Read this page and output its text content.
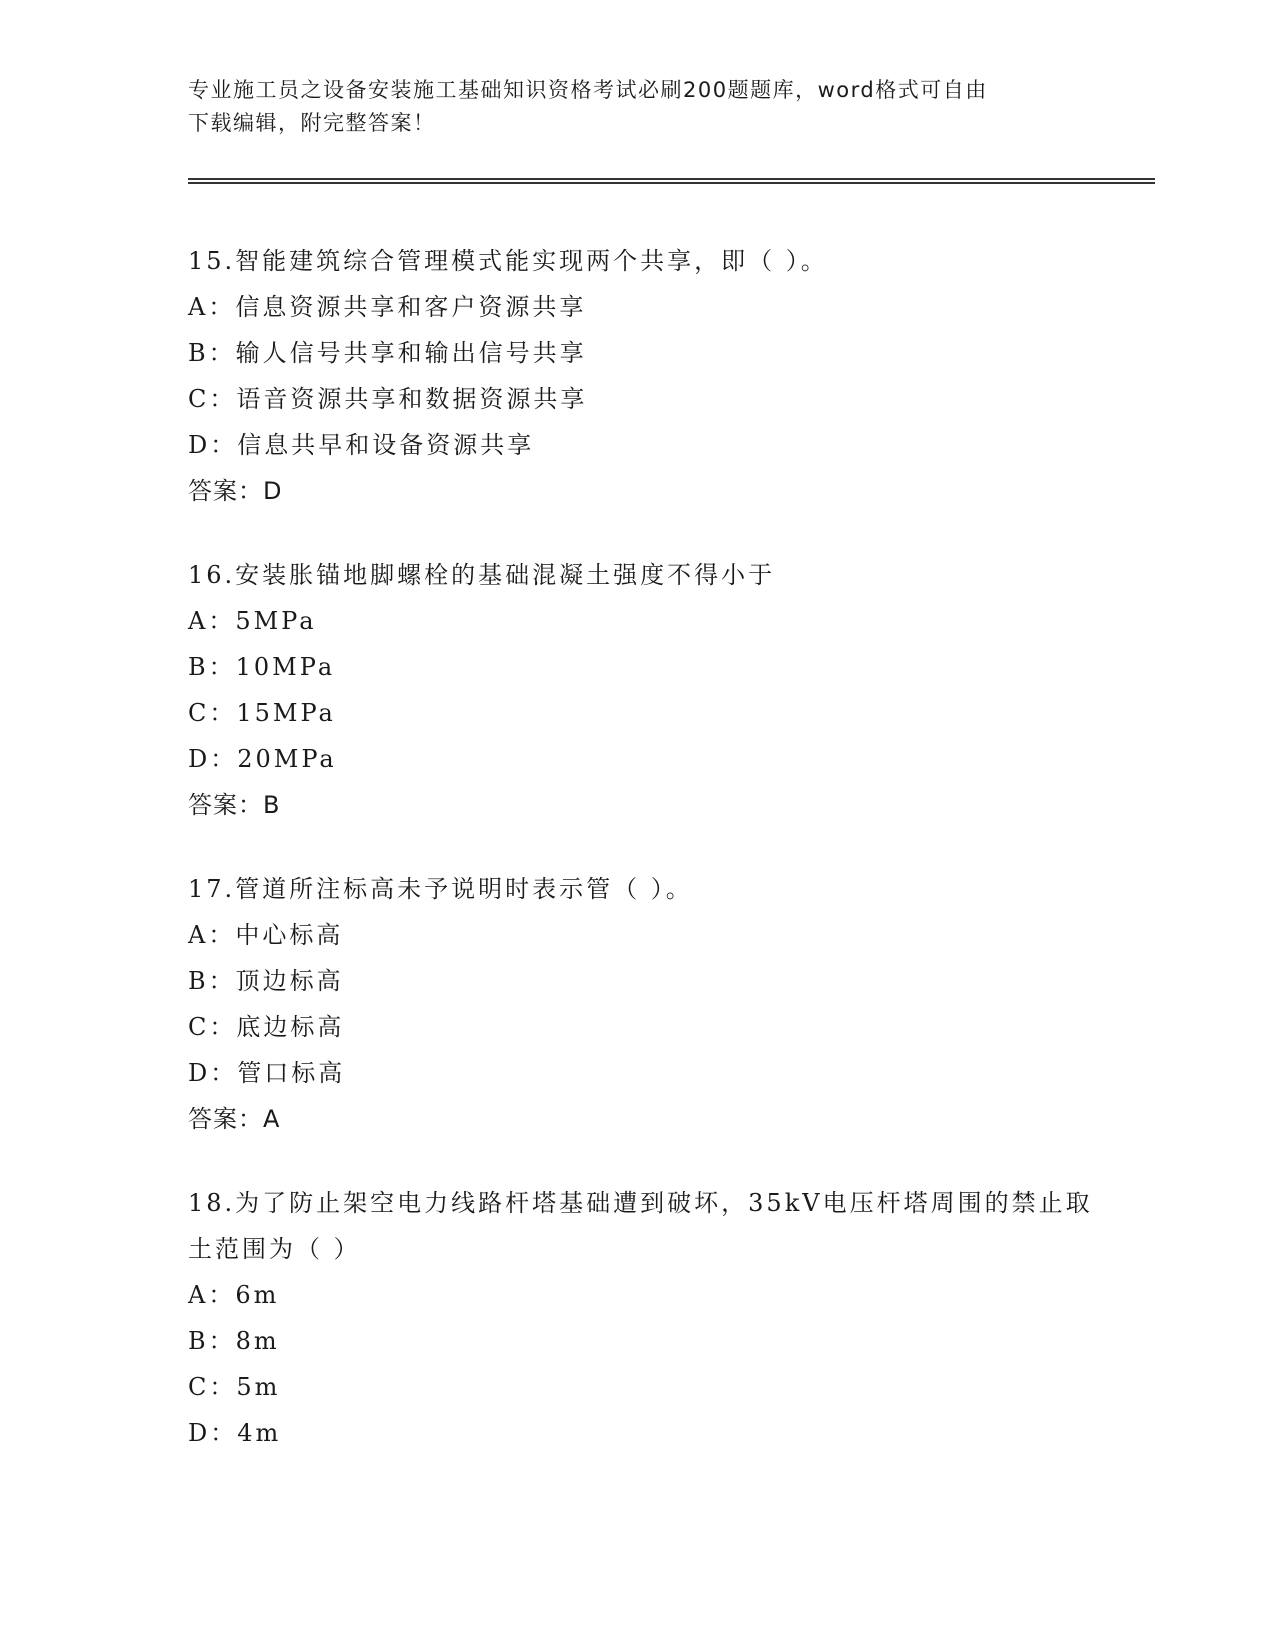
专业施工员之设备安装施工基础知识资格考试必刷200题题库，word格式可自由
下载编辑，附完整答案！
15.智能建筑综合管理模式能实现两个共享，即（ ）。
A：信息资源共享和客户资源共享
B：输人信号共享和输出信号共享
C：语音资源共享和数据资源共享
D：信息共早和设备资源共享
答案：D
16.安装胀锚地脚螺栓的基础混凝土强度不得小于
A：5MPa
B：10MPa
C：15MPa
D：20MPa
答案：B
17.管道所注标高未予说明时表示管（ ）。
A：中心标高
B：顶边标高
C：底边标高
D：管口标高
答案：A
18.为了防止架空电力线路杆塔基础遭到破坏，35kV电压杆塔周围的禁止取土范围为（ ）
A：6m
B：8m
C：5m
D：4m
